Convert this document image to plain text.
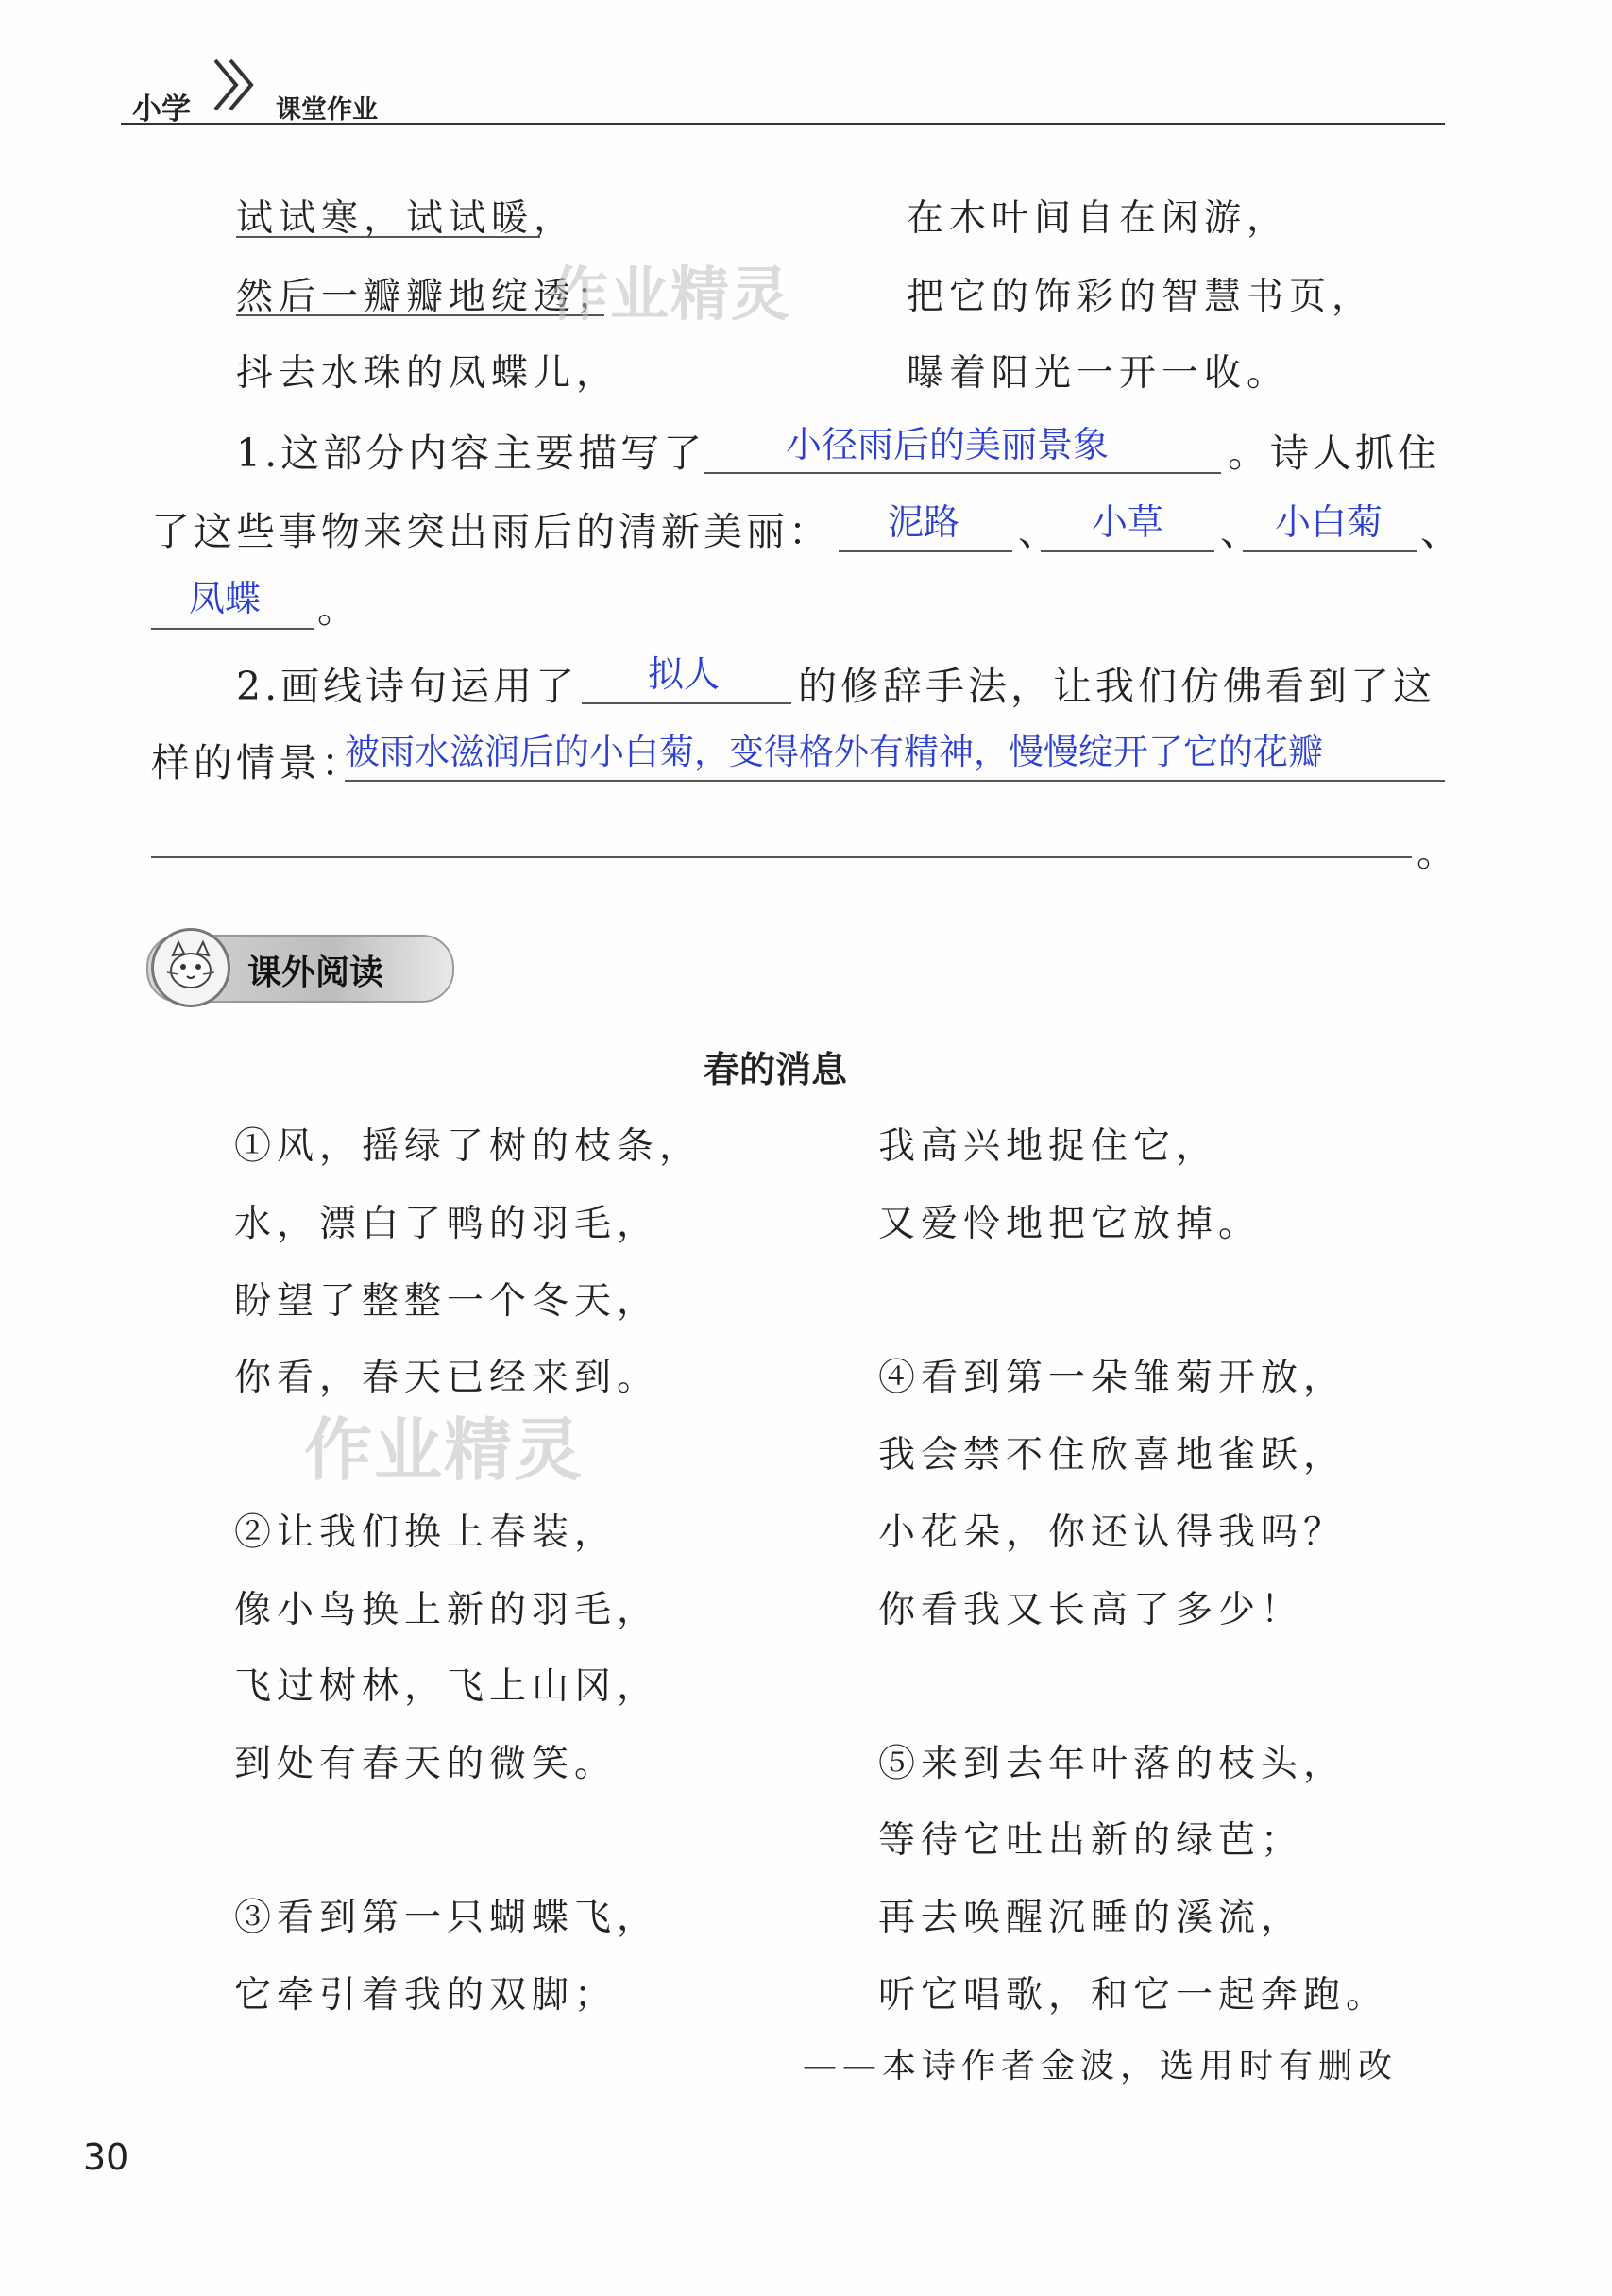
小学	课堂作业
试试寒，试试暖，
然后一瓣瓣地绽透；
抖去水珠的凤蝶儿，
在木叶间自在闲游，
把它的饰彩的智慧书页，
曝着阳光一开一收。
作业精灵
1.这部分内容主要描写了 小径雨后的美丽景象	。诗人抓住
了这些事物来突出雨后的清新美丽： 泥路 、 小草 、 小白菊 、
凤蝶 。
2.画线诗句运用了 拟人 的修辞手法，让我们仿佛看到了这
样的情景：
被雨水滋润后的小白菊，变得格外有精神，慢慢绽开了它的花瓣
。
课外阅读
春的消息
①风，摇绿了树的枝条，
水，漂白了鸭的羽毛，
盼望了整整一个冬天，
你看，春天已经来到。
②让我们换上春装，
像小鸟换上新的羽毛，
飞过树林，飞上山冈，
到处有春天的微笑。
③看到第一只蝴蝶飞，
它牵引着我的双脚；
我高兴地捉住它，
又爱怜地把它放掉。
④看到第一朵雏菊开放，
我会禁不住欣喜地雀跃，
小花朵，你还认得我吗？
你看我又长高了多少！
⑤来到去年叶落的枝头，
等待它吐出新的绿芭；
再去唤醒沉睡的溪流，
听它唱歌，和它一起奔跑。
——本诗作者金波，选用时有删改
作业精灵
30
